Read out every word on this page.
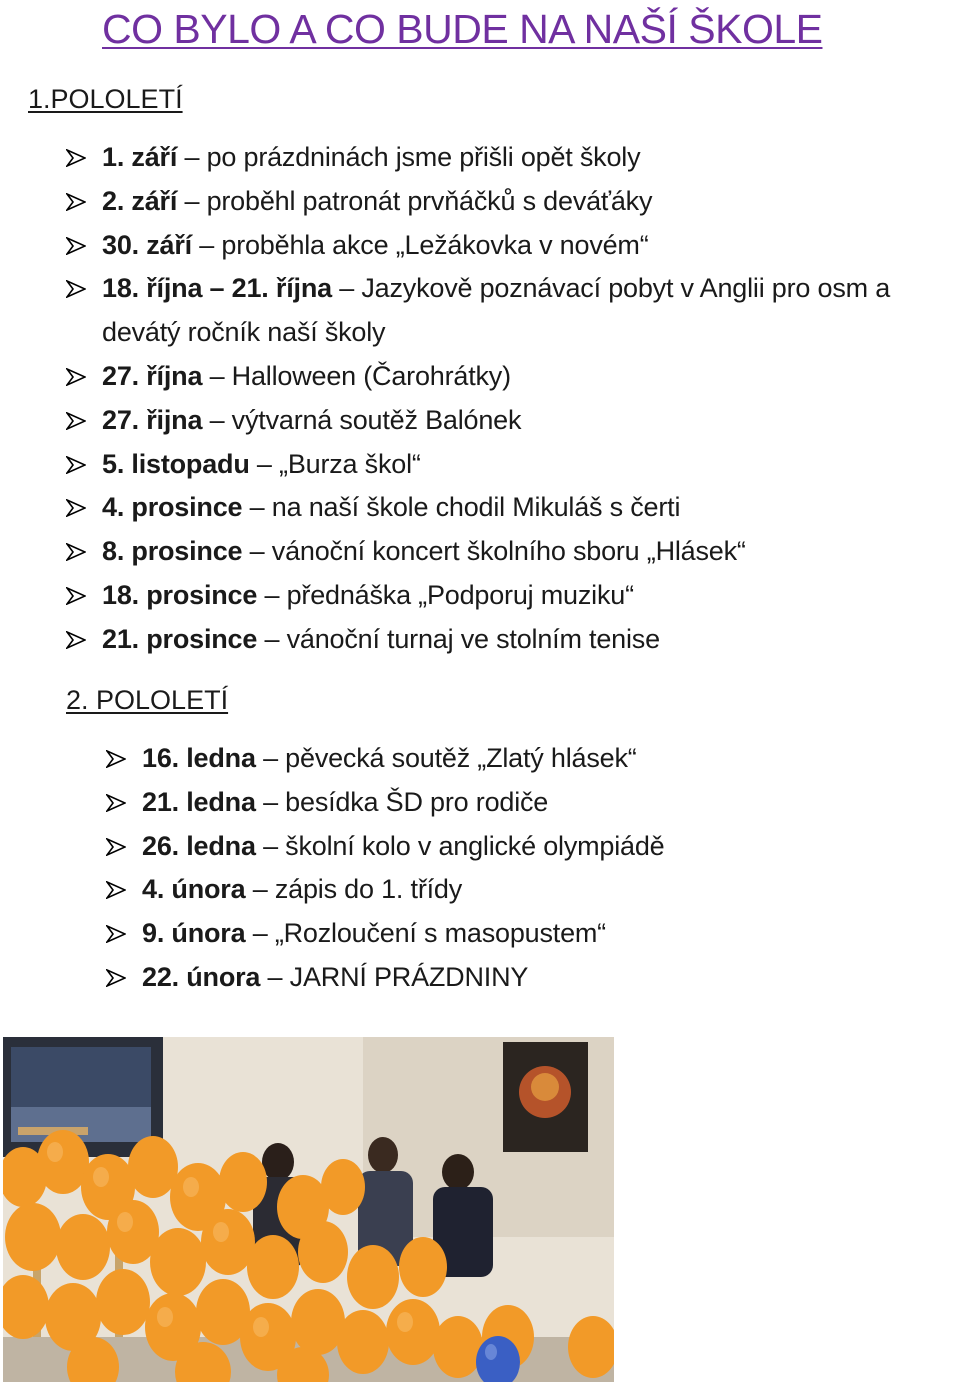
CO BYLO A CO BUDE NA NAŠÍ ŠKOLE
1.POLOLETÍ
1. září – po prázdninách jsme přišli opět školy
2. září – proběhl patronát prvňáčků s deváťáky
30. září – proběhla akce „Ležákovka v novém“
18. října – 21. října – Jazykově poznávací pobyt v Anglii pro osm a devátý ročník naší školy
27. října – Halloween (Čarohrátky)
27. řijna – výtvarná soutěž Balónek
5. listopadu – „Burza škol“
4. prosince – na naší škole chodil Mikuláš s čerti
8. prosince – vánoční koncert školního sboru „Hlásek“
18. prosince – přednáška „Podporuj muziku“
21. prosince – vánoční turnaj ve stolním tenise
2. POLOLETÍ
16. ledna – pěvecká soutěž „Zlatý hlásek“
21. ledna – besídka ŠD pro rodiče
26. ledna – školní kolo v anglické olympiádě
4. února – zápis do 1. třídy
9. února – „Rozloučení s masopustem“
22. února – JARNÍ PRÁZDNINY
